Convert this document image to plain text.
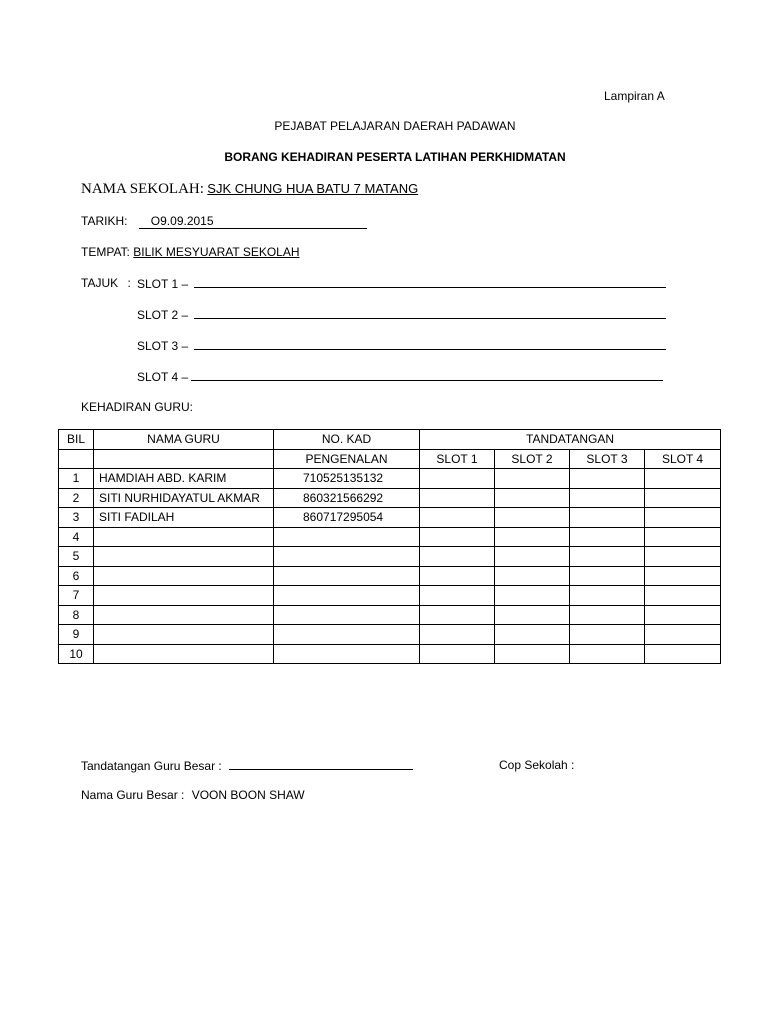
Lampiran A
PEJABAT PELAJARAN DAERAH PADAWAN
BORANG KEHADIRAN PESERTA LATIHAN PERKHIDMATAN
NAMA SEKOLAH: SJK CHUNG HUA BATU 7 MATANG
TARIKH: O9.09.2015
TEMPAT: BILIK MESYUARAT SEKOLAH
TAJUK : SLOT 1 –
SLOT 2 –
SLOT 3 –
SLOT 4 –
KEHADIRAN GURU:
BIL	NAMA GURU	NO. KAD	TANDATANGAN			
		PENGENALAN	SLOT 1	SLOT 2	SLOT 3	SLOT 4
1	HAMDIAH ABD. KARIM	710525135132				
2	SITI NURHIDAYATUL AKMAR	860321566292				
3	SITI FADILAH	860717295054				
4						
5						
6						
7						
8						
9						
10						
Tandatangan Guru Besar :	Cop Sekolah :
Nama Guru Besar : VOON BOON SHAW
